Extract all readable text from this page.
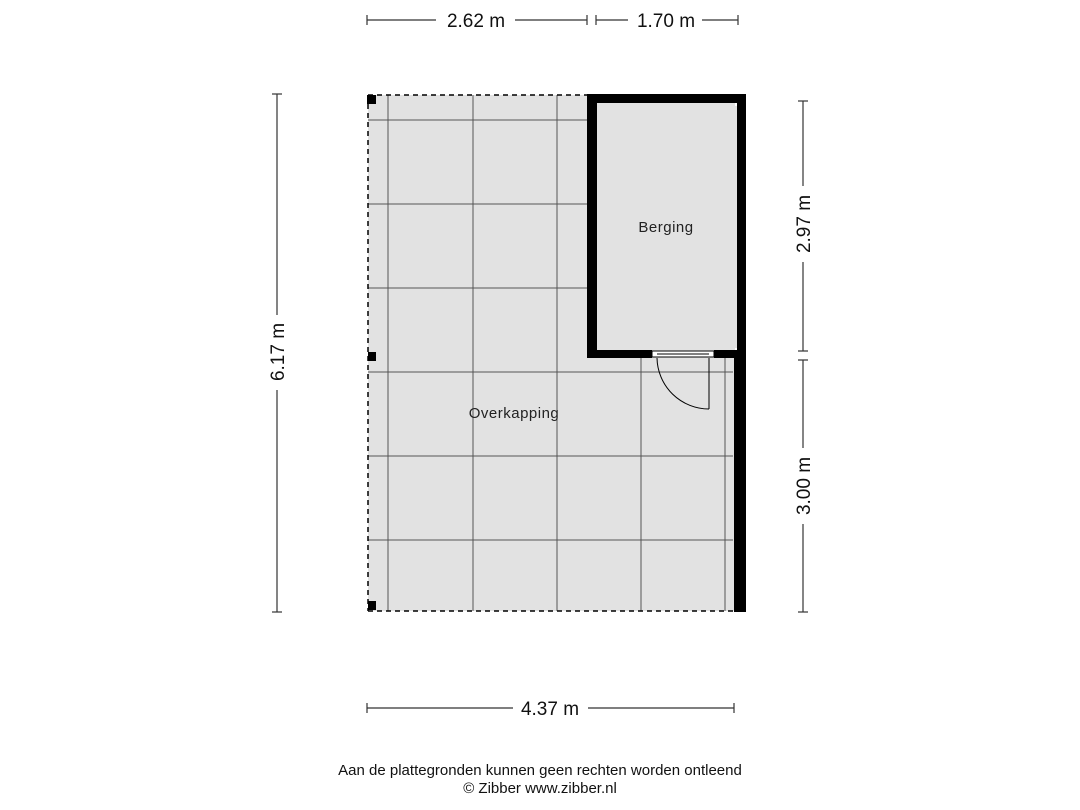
2.62 m	1.70 m
6.17 m
2.97 m
3.00 m
4.37 m
Berging
Overkapping
Aan de plattegronden kunnen geen rechten worden ontleend
© Zibber www.zibber.nl
